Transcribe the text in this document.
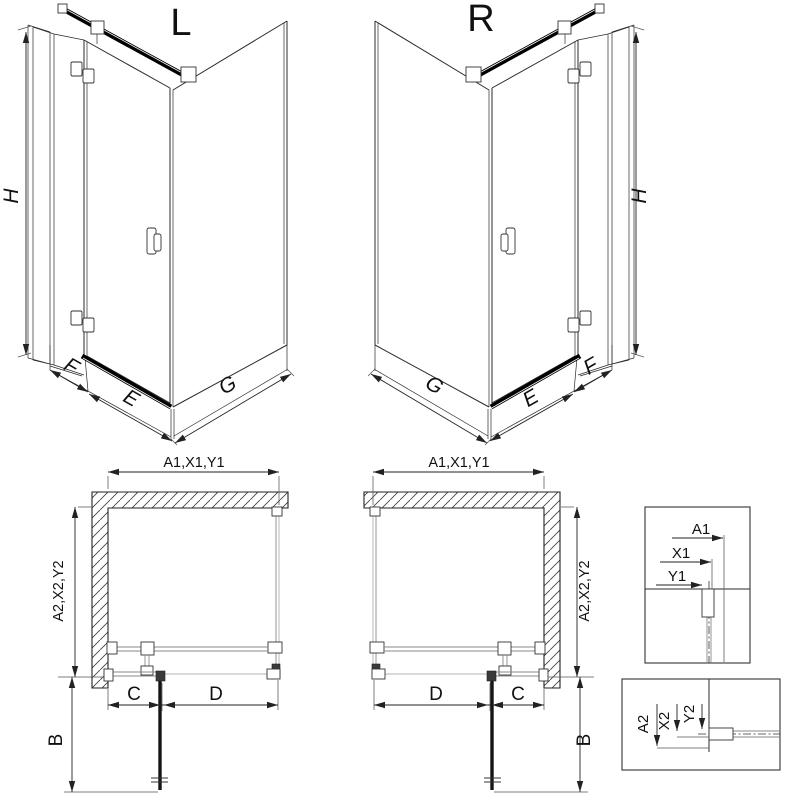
L	R
H
F
E	G
H
G	E
F
A1,X1,Y1
A2,X2,Y2
C	D
B
A1,X1,Y1
A2,X2,Y2
D	C
B
A1
X1
Y1
A2 X2 Y2
